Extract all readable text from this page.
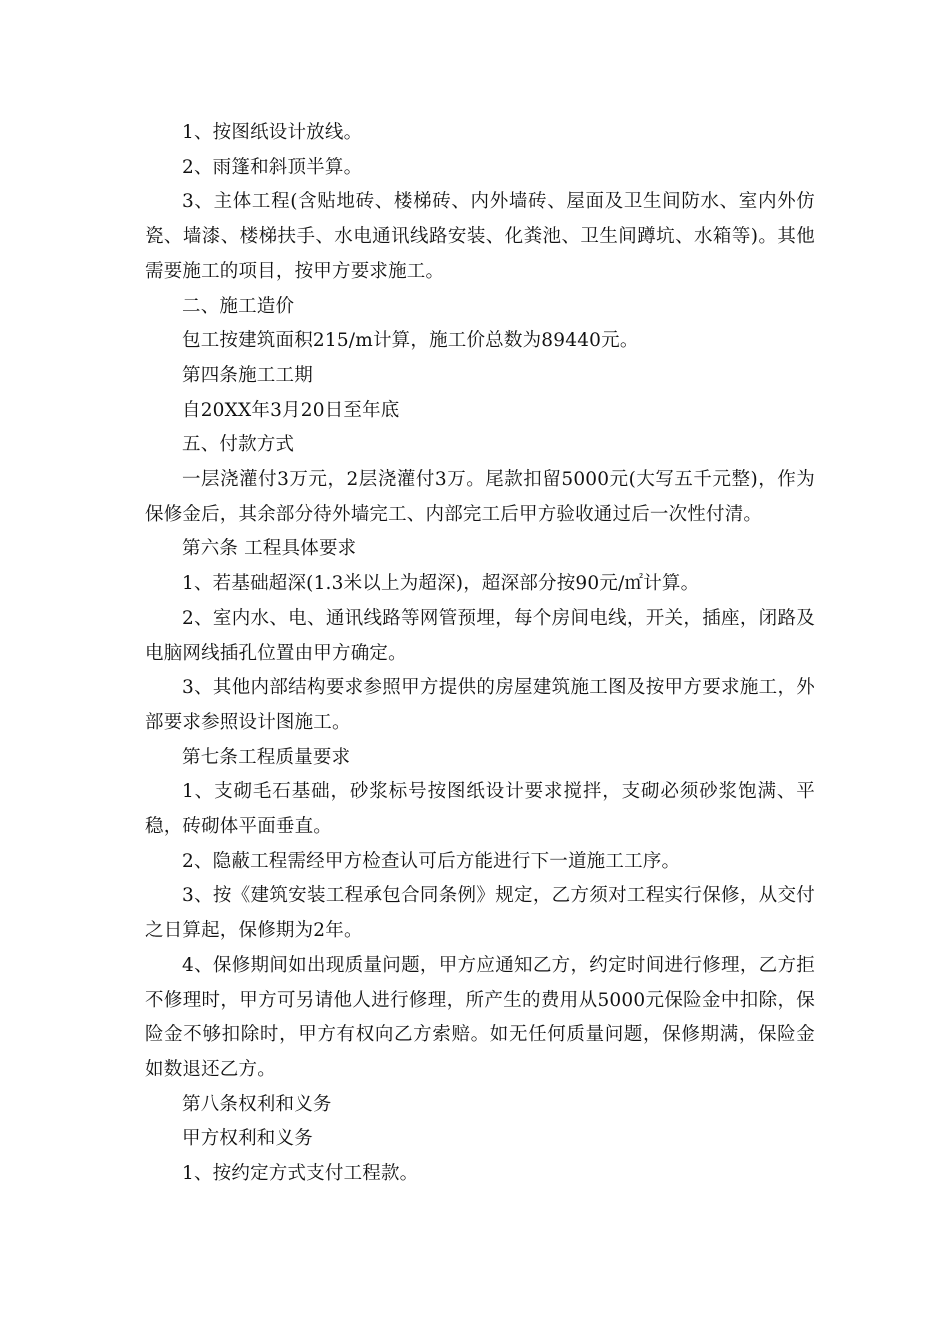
1、按图纸设计放线。

2、雨篷和斜顶半算。

3、主体工程(含贴地砖、楼梯砖、内外墙砖、屋面及卫生间防水、室内外仿瓷、墙漆、楼梯扶手、水电通讯线路安装、化粪池、卫生间蹲坑、水箱等)。其他需要施工的项目，按甲方要求施工。

二、施工造价

包工按建筑面积215/m计算，施工价总数为89440元。

第四条施工工期

自20XX年3月20日至年底

五、付款方式

一层浇灌付3万元，2层浇灌付3万。尾款扣留5000元(大写五千元整)，作为保修金后，其余部分待外墙完工、内部完工后甲方验收通过后一次性付清。

第六条 工程具体要求

1、若基础超深(1.3米以上为超深)，超深部分按90元/㎡计算。

2、室内水、电、通讯线路等网管预埋，每个房间电线，开关，插座，闭路及电脑网线插孔位置由甲方确定。

3、其他内部结构要求参照甲方提供的房屋建筑施工图及按甲方要求施工，外部要求参照设计图施工。

第七条工程质量要求

1、支砌毛石基础，砂浆标号按图纸设计要求搅拌，支砌必须砂浆饱满、平稳，砖砌体平面垂直。

2、隐蔽工程需经甲方检查认可后方能进行下一道施工工序。

3、按《建筑安装工程承包合同条例》规定，乙方须对工程实行保修，从交付之日算起，保修期为2年。

4、保修期间如出现质量问题，甲方应通知乙方，约定时间进行修理，乙方拒不修理时，甲方可另请他人进行修理，所产生的费用从5000元保险金中扣除，保险金不够扣除时，甲方有权向乙方索赔。如无任何质量问题，保修期满，保险金如数退还乙方。

第八条权利和义务

甲方权利和义务

1、按约定方式支付工程款。
